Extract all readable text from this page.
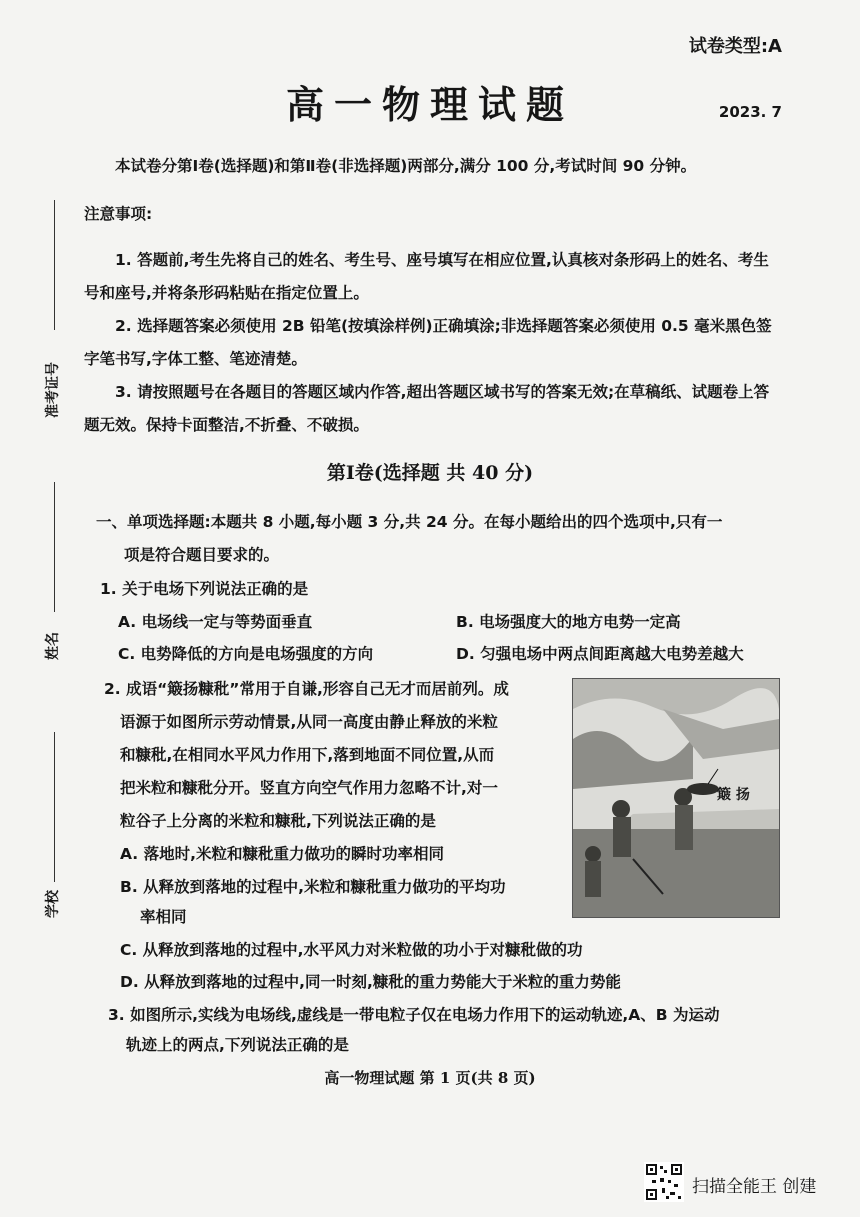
试卷类型:A
高一物理试题	2023. 7
准考证号
姓名
学校
本试卷分第Ⅰ卷(选择题)和第Ⅱ卷(非选择题)两部分,满分 100 分,考试时间 90 分钟。
注意事项:
1. 答题前,考生先将自己的姓名、考生号、座号填写在相应位置,认真核对条形码上的姓名、考生号和座号,并将条形码粘贴在指定位置上。
2. 选择题答案必须使用 2B 铅笔(按填涂样例)正确填涂;非选择题答案必须使用 0.5 毫米黑色签字笔书写,字体工整、笔迹清楚。
3. 请按照题号在各题目的答题区域内作答,超出答题区域书写的答案无效;在草稿纸、试题卷上答题无效。保持卡面整洁,不折叠、不破损。
第Ⅰ卷(选择题 共 40 分)
一、单项选择题:本题共 8 小题,每小题 3 分,共 24 分。在每小题给出的四个选项中,只有一
项是符合题目要求的。
1. 关于电场下列说法正确的是
A. 电场线一定与等势面垂直	B. 电场强度大的地方电势一定高
C. 电势降低的方向是电场强度的方向	D. 匀强电场中两点间距离越大电势差越大
2. 成语“簸扬糠秕”常用于自谦,形容自己无才而居前列。成
语源于如图所示劳动情景,从同一高度由静止释放的米粒
和糠秕,在相同水平风力作用下,落到地面不同位置,从而
把米粒和糠秕分开。竖直方向空气作用力忽略不计,对一
粒谷子上分离的米粒和糠秕,下列说法正确的是
A. 落地时,米粒和糠秕重力做功的瞬时功率相同
B. 从释放到落地的过程中,米粒和糠秕重力做功的平均功
率相同
C. 从释放到落地的过程中,水平风力对米粒做的功小于对糠秕做的功
D. 从释放到落地的过程中,同一时刻,糠秕的重力势能大于米粒的重力势能
簸 扬
3. 如图所示,实线为电场线,虚线是一带电粒子仅在电场力作用下的运动轨迹,A、B 为运动
轨迹上的两点,下列说法正确的是
高一物理试题 第 1 页(共 8 页)
扫描全能王 创建
